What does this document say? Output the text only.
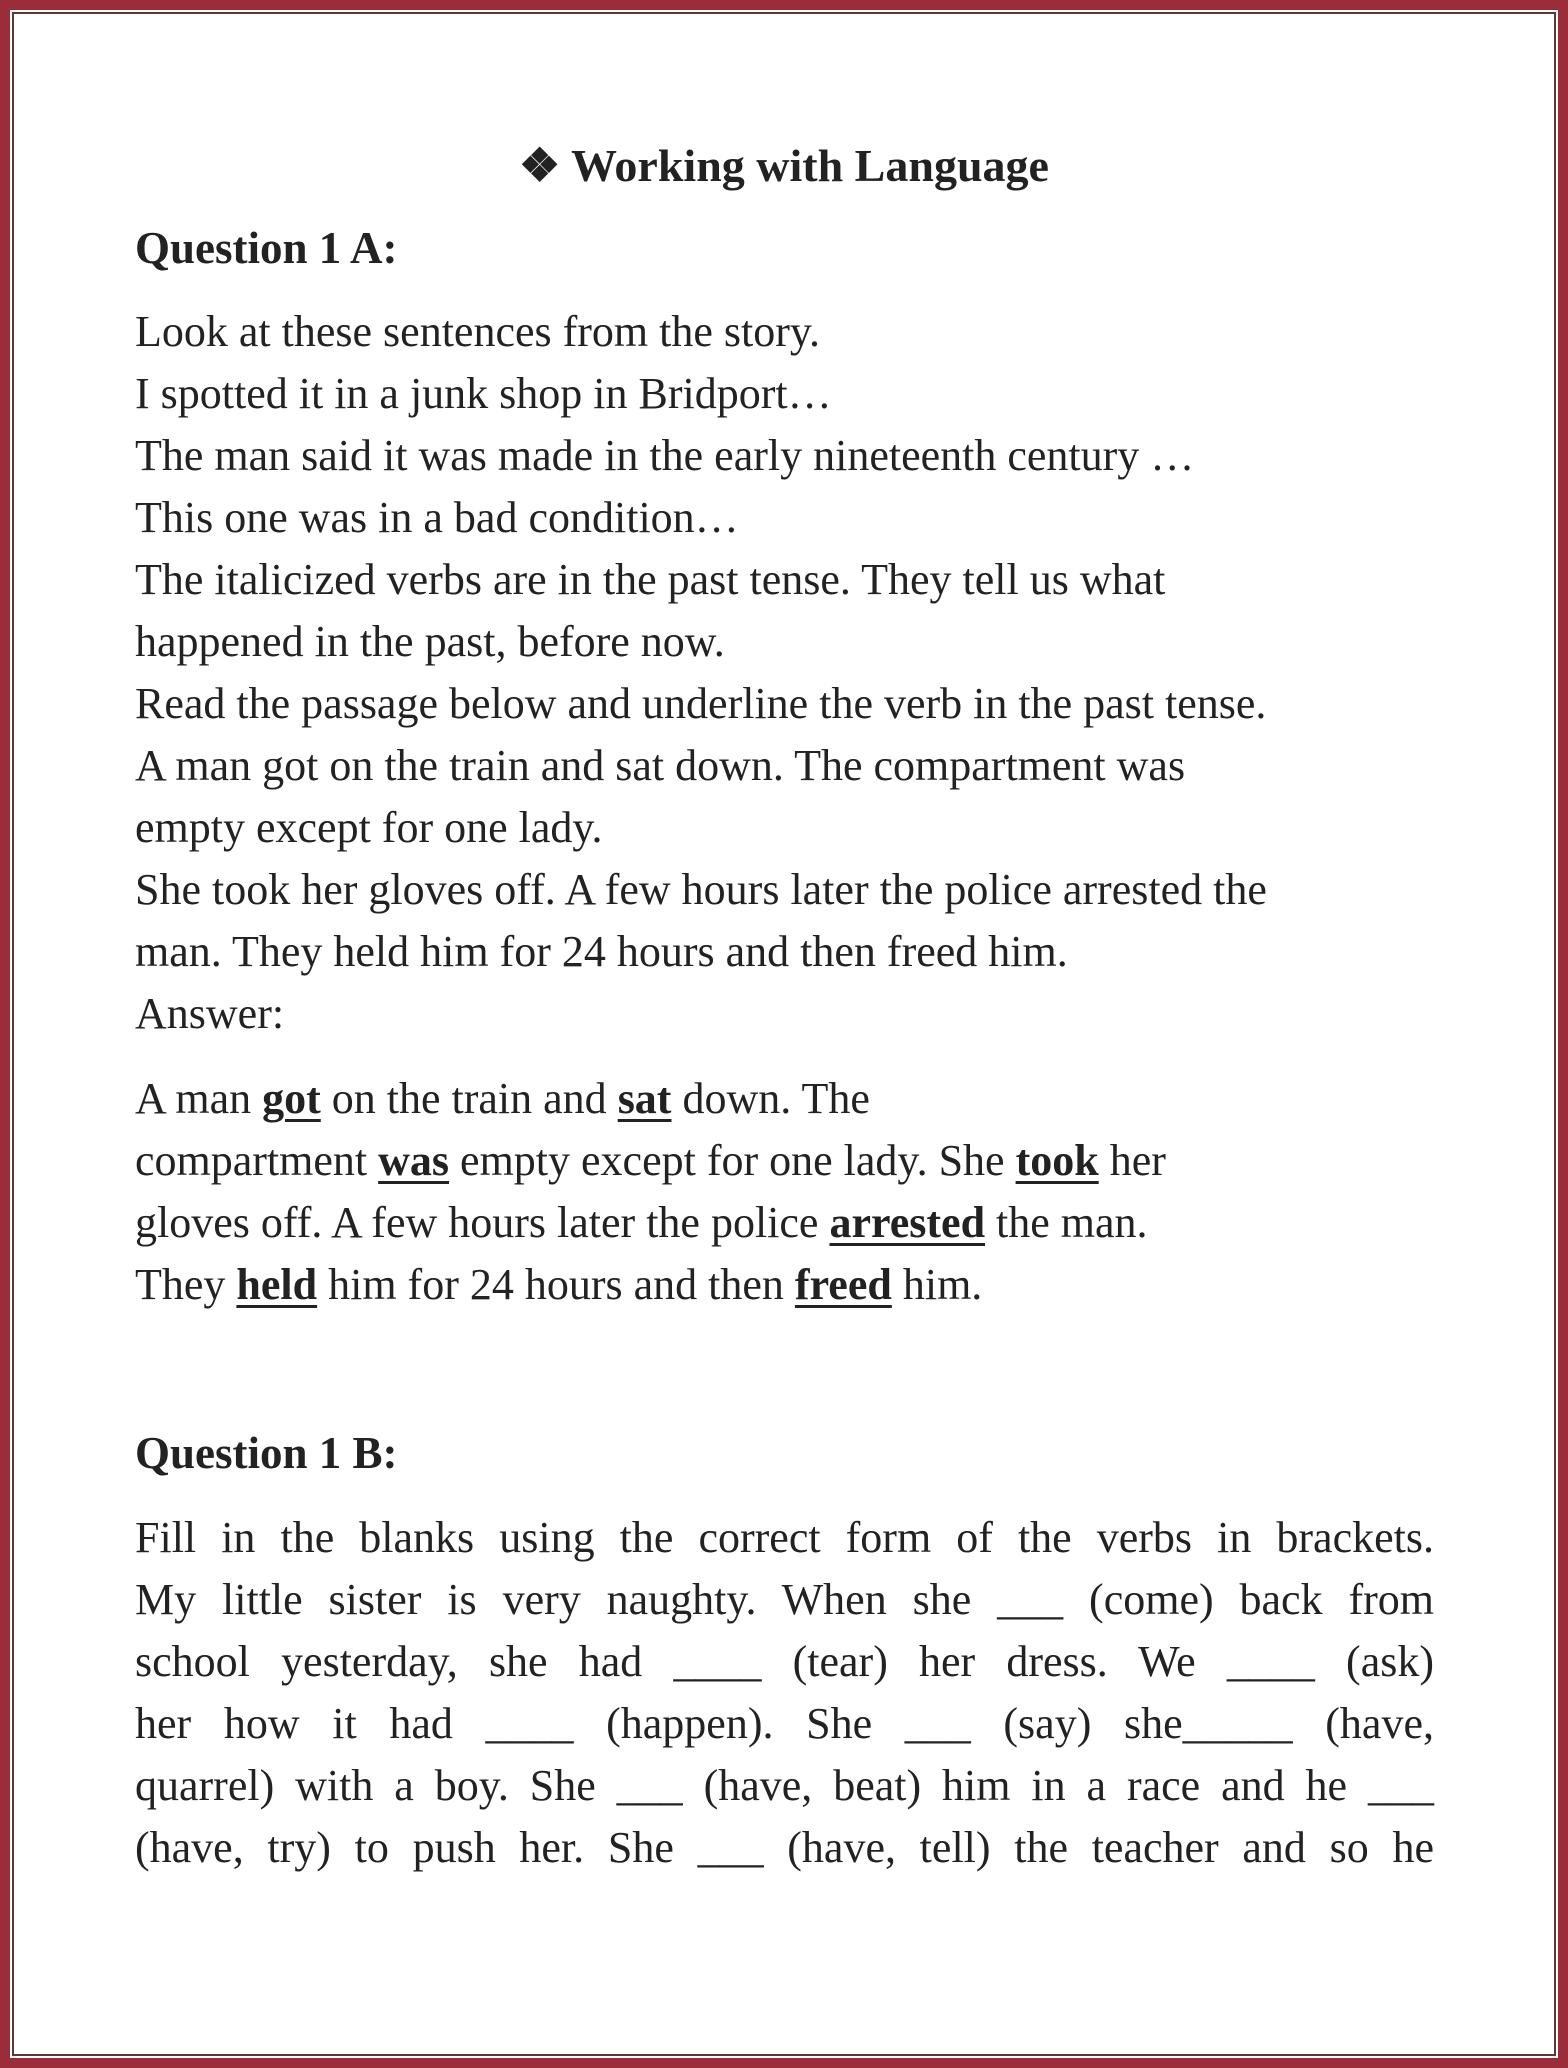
❖ Working with Language
Question 1 A:
Look at these sentences from the story.
I spotted it in a junk shop in Bridport…
The man said it was made in the early nineteenth century …
This one was in a bad condition…
The italicized verbs are in the past tense. They tell us what
happened in the past, before now.
Read the passage below and underline the verb in the past tense.
A man got on the train and sat down. The compartment was
empty except for one lady.
She took her gloves off. A few hours later the police arrested the
man. They held him for 24 hours and then freed him.
Answer:
A man got on the train and sat down. The
compartment was empty except for one lady. She took her
gloves off. A few hours later the police arrested the man.
They held him for 24 hours and then freed him.
Question 1 B:
Fill in the blanks using the correct form of the verbs in brackets.
My little sister is very naughty. When she ___ (come) back from
school yesterday, she had ____ (tear) her dress. We ____ (ask)
her how it had ____ (happen). She ___ (say) she_____ (have,
quarrel) with a boy. She ___ (have, beat) him in a race and he ___
(have, try) to push her. She ___ (have, tell) the teacher and so he
